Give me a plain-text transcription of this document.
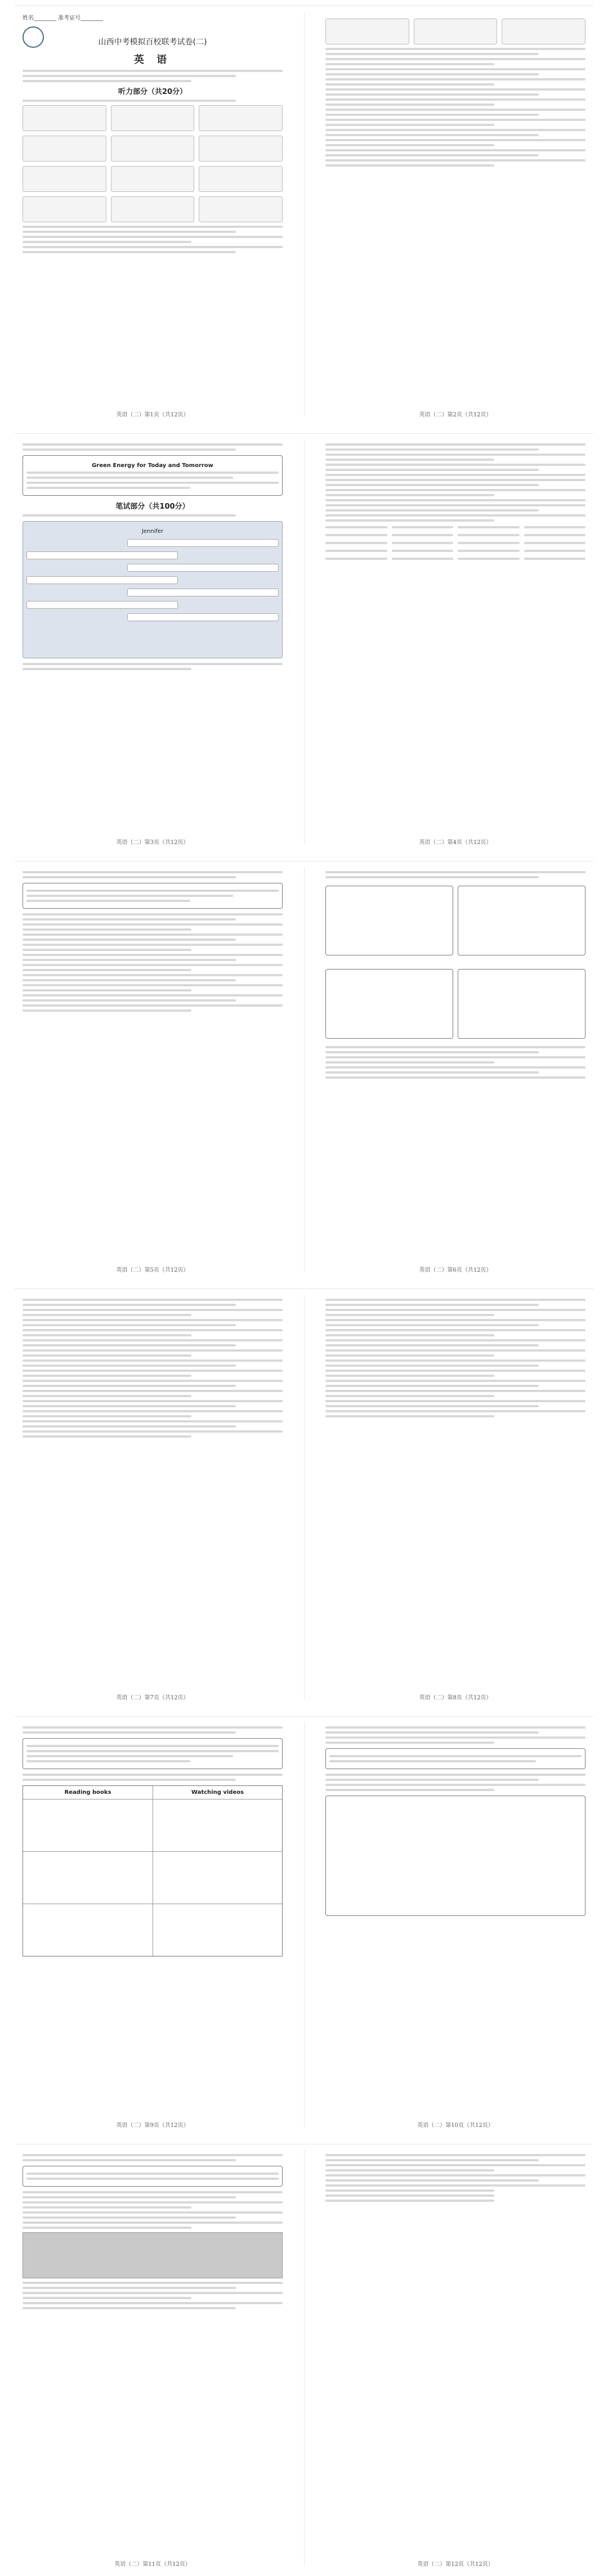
姓名________ 准考证号________
山西中考模拟百校联考试卷(二)
英 语
听力部分（共20分）
英语（二）第1页（共12页）	英语（二）第2页（共12页）
Green Energy for Today and Tomorrow
笔试部分（共100分）
Jennifer
英语（二）第3页（共12页）	英语（二）第4页（共12页）
英语（二）第5页（共12页）	英语（二）第6页（共12页）
英语（二）第7页（共12页）	英语（二）第8页（共12页）
Reading books	Watching videos
英语（二）第9页（共12页）	英语（二）第10页（共12页）
英语（二）第11页（共12页）	英语（二）第12页（共12页）
